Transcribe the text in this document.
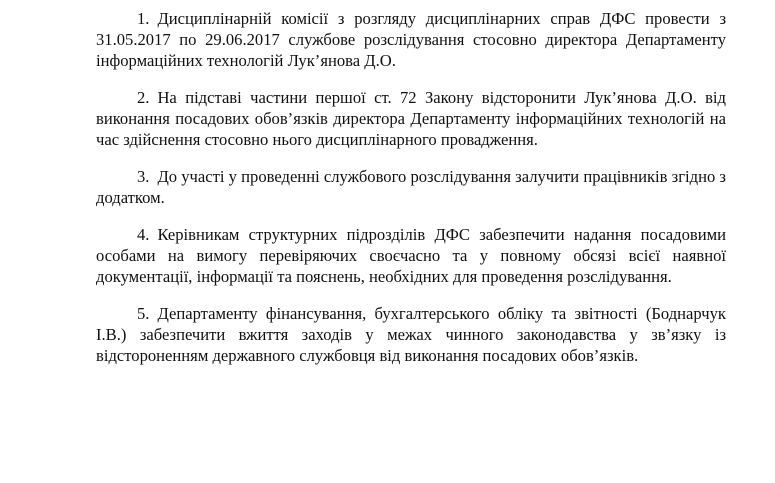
1. Дисциплінарній комісії з розгляду дисциплінарних справ ДФС провести з 31.05.2017 по 29.06.2017 службове розслідування стосовно директора Департаменту інформаційних технологій Лук’янова Д.О.

2. На підставі частини першої ст. 72 Закону відсторонити Лук’янова Д.О. від виконання посадових обов’язків директора Департаменту інформаційних технологій на час здійснення стосовно нього дисциплінарного провадження.

3. До участі у проведенні службового розслідування залучити працівників згідно з додатком.

4. Керівникам структурних підрозділів ДФС забезпечити надання посадовими особами на вимогу перевіряючих своєчасно та у повному обсязі всієї наявної документації, інформації та пояснень, необхідних для проведення розслідування.

5. Департаменту фінансування, бухгалтерського обліку та звітності (Боднарчук І.В.) забезпечити вжиття заходів у межах чинного законодавства у зв’язку із відстороненням державного службовця від виконання посадових обов’язків.
